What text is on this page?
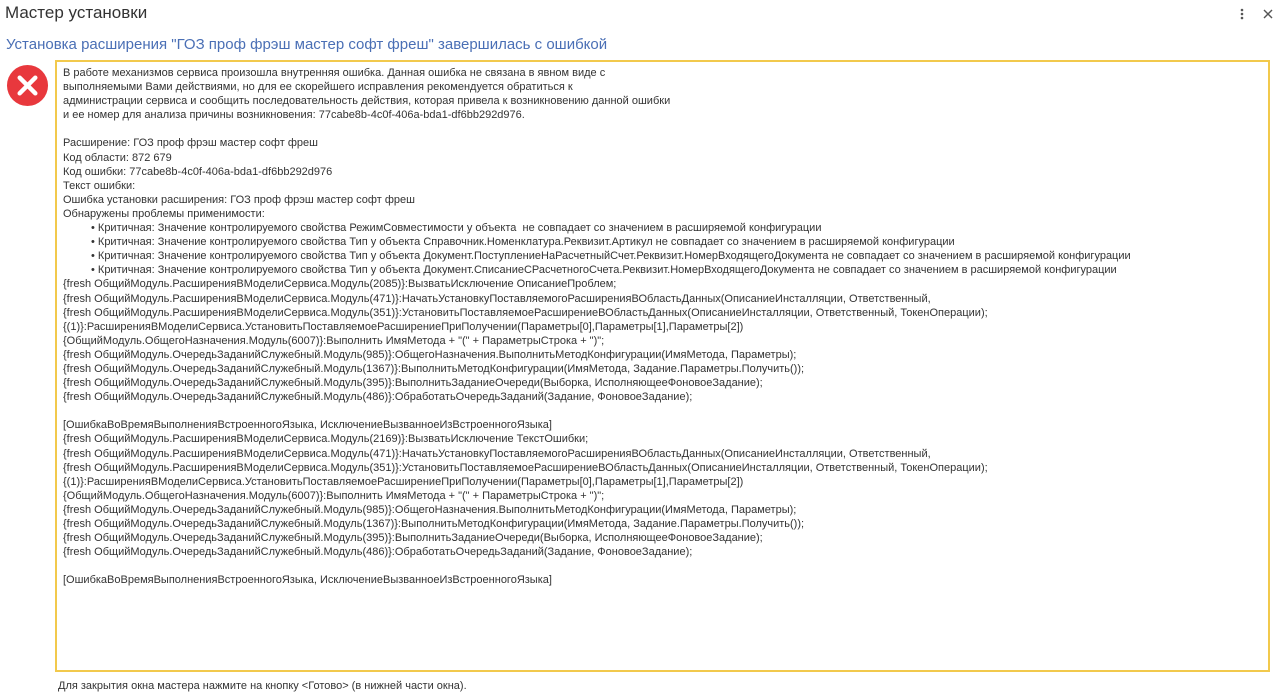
Мастер установки
Установка расширения "ГОЗ проф фрэш мастер софт фреш" завершилась с ошибкой
В работе механизмов сервиса произошла внутренняя ошибка. Данная ошибка не связана в явном виде с
выполняемыми Вами действиями, но для ее скорейшего исправления рекомендуется обратиться к
администрации сервиса и сообщить последовательность действия, которая привела к возникновению данной ошибки
и ее номер для анализа причины возникновения: 77cabe8b-4c0f-406a-bda1-df6bb292d976.
Расширение: ГОЗ проф фрэш мастер софт фреш
Код области: 872 679
Код ошибки: 77cabe8b-4c0f-406a-bda1-df6bb292d976
Текст ошибки:
Ошибка установки расширения: ГОЗ проф фрэш мастер софт фреш
Обнаружены проблемы применимости:
• Критичная: Значение контролируемого свойства РежимСовместимости у объекта  не совпадает со значением в расширяемой конфигурации
• Критичная: Значение контролируемого свойства Тип у объекта Справочник.Номенклатура.Реквизит.Артикул не совпадает со значением в расширяемой конфигурации
• Критичная: Значение контролируемого свойства Тип у объекта Документ.ПоступлениеНаРасчетныйСчет.Реквизит.НомерВходящегоДокумента не совпадает со значением в расширяемой конфигурации
• Критичная: Значение контролируемого свойства Тип у объекта Документ.СписаниеСРасчетногоСчета.Реквизит.НомерВходящегоДокумента не совпадает со значением в расширяемой конфигурации
{fresh ОбщийМодуль.РасширенияВМоделиСервиса.Модуль(2085)}:ВызватьИсключение ОписаниеПроблем;
{fresh ОбщийМодуль.РасширенияВМоделиСервиса.Модуль(471)}:НачатьУстановкуПоставляемогоРасширенияВОбластьДанных(ОписаниеИнсталляции, Ответственный,
{fresh ОбщийМодуль.РасширенияВМоделиСервиса.Модуль(351)}:УстановитьПоставляемоеРасширениеВОбластьДанных(ОписаниеИнсталляции, Ответственный, ТокенОперации);
{(1)}:РасширенияВМоделиСервиса.УстановитьПоставляемоеРасширениеПриПолучении(Параметры[0],Параметры[1],Параметры[2])
{ОбщийМодуль.ОбщегоНазначения.Модуль(6007)}:Выполнить ИмяМетода + "(" + ПараметрыСтрока + ")";
{fresh ОбщийМодуль.ОчередьЗаданийСлужебный.Модуль(985)}:ОбщегоНазначения.ВыполнитьМетодКонфигурации(ИмяМетода, Параметры);
{fresh ОбщийМодуль.ОчередьЗаданийСлужебный.Модуль(1367)}:ВыполнитьМетодКонфигурации(ИмяМетода, Задание.Параметры.Получить());
{fresh ОбщийМодуль.ОчередьЗаданийСлужебный.Модуль(395)}:ВыполнитьЗаданиеОчереди(Выборка, ИсполняющееФоновоеЗадание);
{fresh ОбщийМодуль.ОчередьЗаданийСлужебный.Модуль(486)}:ОбработатьОчередьЗаданий(Задание, ФоновоеЗадание);
[ОшибкаВоВремяВыполненияВстроенногоЯзыка, ИсключениеВызванноеИзВстроенногоЯзыка]
{fresh ОбщийМодуль.РасширенияВМоделиСервиса.Модуль(2169)}:ВызватьИсключение ТекстОшибки;
{fresh ОбщийМодуль.РасширенияВМоделиСервиса.Модуль(471)}:НачатьУстановкуПоставляемогоРасширенияВОбластьДанных(ОписаниеИнсталляции, Ответственный,
{fresh ОбщийМодуль.РасширенияВМоделиСервиса.Модуль(351)}:УстановитьПоставляемоеРасширениеВОбластьДанных(ОписаниеИнсталляции, Ответственный, ТокенОперации);
{(1)}:РасширенияВМоделиСервиса.УстановитьПоставляемоеРасширениеПриПолучении(Параметры[0],Параметры[1],Параметры[2])
{ОбщийМодуль.ОбщегоНазначения.Модуль(6007)}:Выполнить ИмяМетода + "(" + ПараметрыСтрока + ")";
{fresh ОбщийМодуль.ОчередьЗаданийСлужебный.Модуль(985)}:ОбщегоНазначения.ВыполнитьМетодКонфигурации(ИмяМетода, Параметры);
{fresh ОбщийМодуль.ОчередьЗаданийСлужебный.Модуль(1367)}:ВыполнитьМетодКонфигурации(ИмяМетода, Задание.Параметры.Получить());
{fresh ОбщийМодуль.ОчередьЗаданийСлужебный.Модуль(395)}:ВыполнитьЗаданиеОчереди(Выборка, ИсполняющееФоновоеЗадание);
{fresh ОбщийМодуль.ОчередьЗаданийСлужебный.Модуль(486)}:ОбработатьОчередьЗаданий(Задание, ФоновоеЗадание);
[ОшибкаВоВремяВыполненияВстроенногоЯзыка, ИсключениеВызванноеИзВстроенногоЯзыка]
Для закрытия окна мастера нажмите на кнопку <Готово> (в нижней части окна).
